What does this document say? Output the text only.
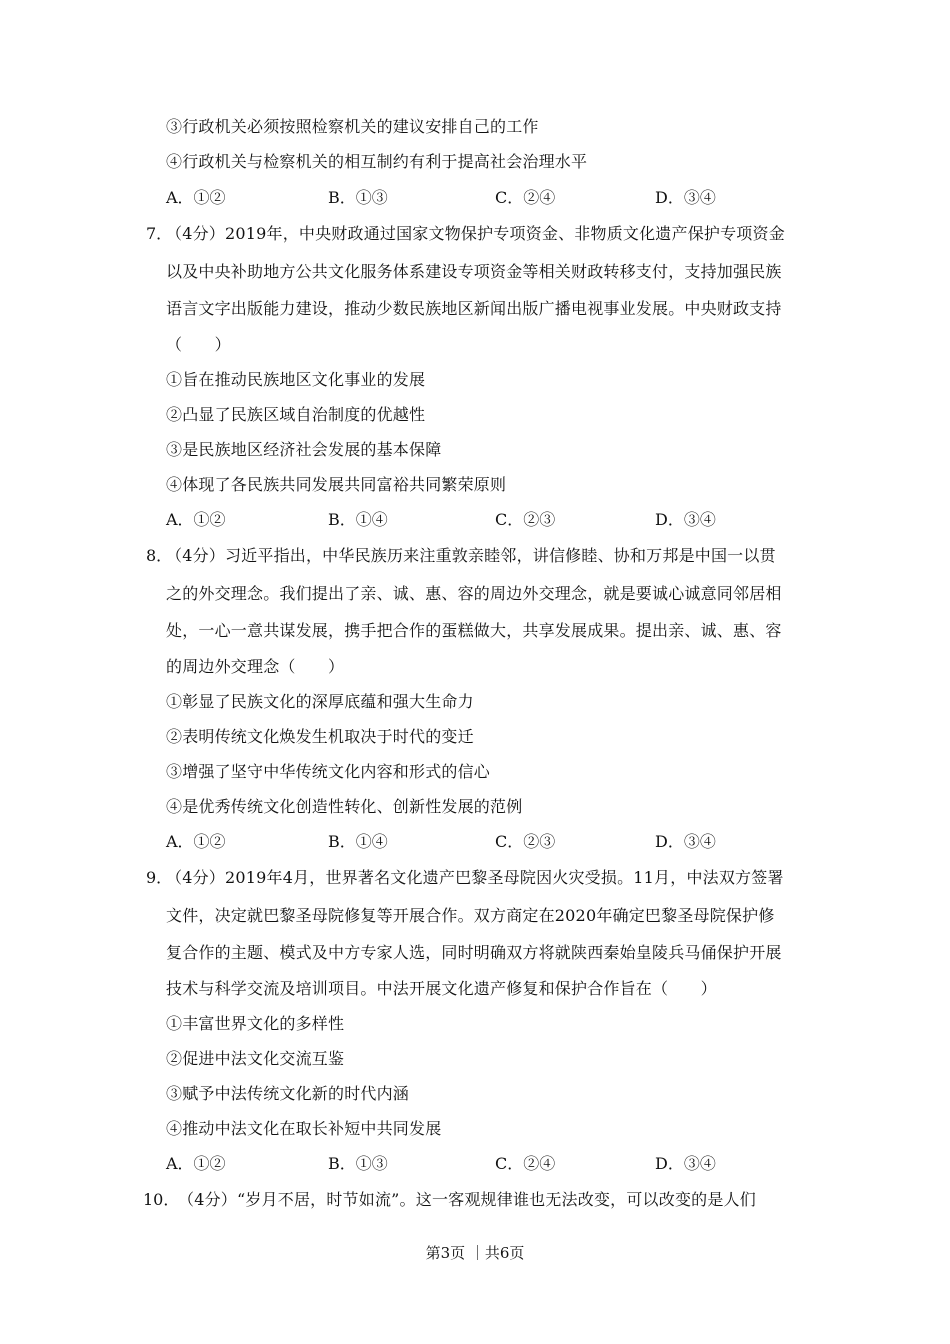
③行政机关必须按照检察机关的建议安排自己的工作
④行政机关与检察机关的相互制约有利于提高社会治理水平
A．①②	B．①③	C．②④	D．③④
7．
（4分）2019年，中央财政通过国家文物保护专项资金、非物质文化遗产保护专项资金
以及中央补助地方公共文化服务体系建设专项资金等相关财政转移支付，支持加强民族
语言文字出版能力建设，推动少数民族地区新闻出版广播电视事业发展。中央财政支持
（　　）
①旨在推动民族地区文化事业的发展
②凸显了民族区域自治制度的优越性
③是民族地区经济社会发展的基本保障
④体现了各民族共同发展共同富裕共同繁荣原则
A．①②	B．①④	C．②③	D．③④
8．
（4分）习近平指出，中华民族历来注重敦亲睦邻，讲信修睦、协和万邦是中国一以贯
之的外交理念。我们提出了亲、诚、惠、容的周边外交理念，就是要诚心诚意同邻居相
处，一心一意共谋发展，携手把合作的蛋糕做大，共享发展成果。提出亲、诚、惠、容
的周边外交理念（　　）
①彰显了民族文化的深厚底蕴和强大生命力
②表明传统文化焕发生机取决于时代的变迁
③增强了坚守中华传统文化内容和形式的信心
④是优秀传统文化创造性转化、创新性发展的范例
A．①②	B．①④	C．②③	D．③④
9．
（4分）2019年4月，世界著名文化遗产巴黎圣母院因火灾受损。11月，中法双方签署
文件，决定就巴黎圣母院修复等开展合作。双方商定在2020年确定巴黎圣母院保护修
复合作的主题、模式及中方专家人选，同时明确双方将就陕西秦始皇陵兵马俑保护开展
技术与科学交流及培训项目。中法开展文化遗产修复和保护合作旨在（　　）
①丰富世界文化的多样性
②促进中法文化交流互鉴
③赋予中法传统文化新的时代内涵
④推动中法文化在取长补短中共同发展
A．①②	B．①③	C．②④	D．③④
10．
（4分）“岁月不居，时节如流”。这一客观规律谁也无法改变，可以改变的是人们
第3页 ｜共6页
